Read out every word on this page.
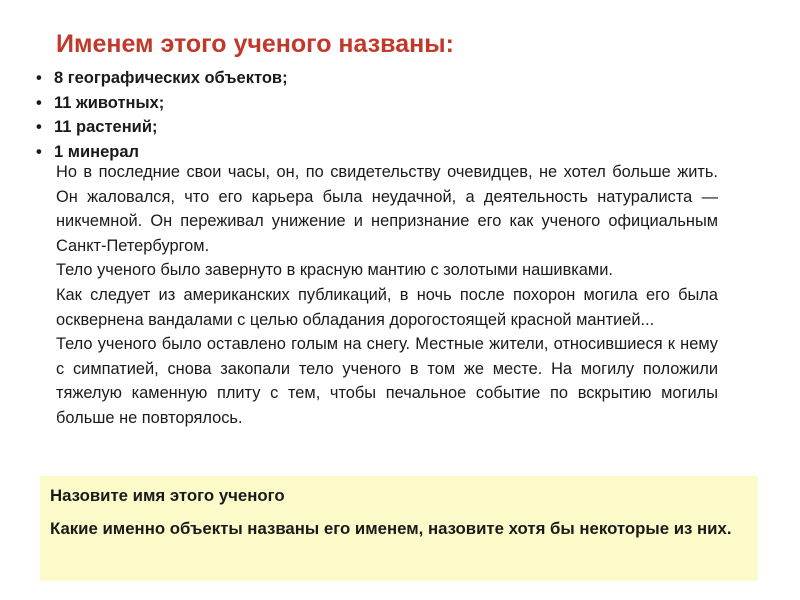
Именем этого ученого названы:
• 8 географических объектов;
• 11 животных;
• 11 растений;
• 1 минерал

Но в последние свои часы, он, по свидетельству очевидцев, не хотел больше жить. Он жаловался, что его карьера была неудачной, а деятельность натуралиста — никчемной. Он переживал унижение и непризнание его как ученого официальным Санкт-Петербургом.

Тело ученого было завернуто в красную мантию с золотыми нашивками.

Как следует из американских публикаций, в ночь после похорон могила его была осквернена вандалами с целью обладания дорогостоящей красной мантией...

Тело ученого было оставлено голым на снегу. Местные жители, относившиеся к нему с симпатией, снова закопали тело ученого в том же месте. На могилу положили тяжелую каменную плиту с тем, чтобы печальное событие по вскрытию могилы больше не повторялось.

Назовите имя этого ученого

Какие именно объекты названы его именем, назовите хотя бы некоторые из них.
